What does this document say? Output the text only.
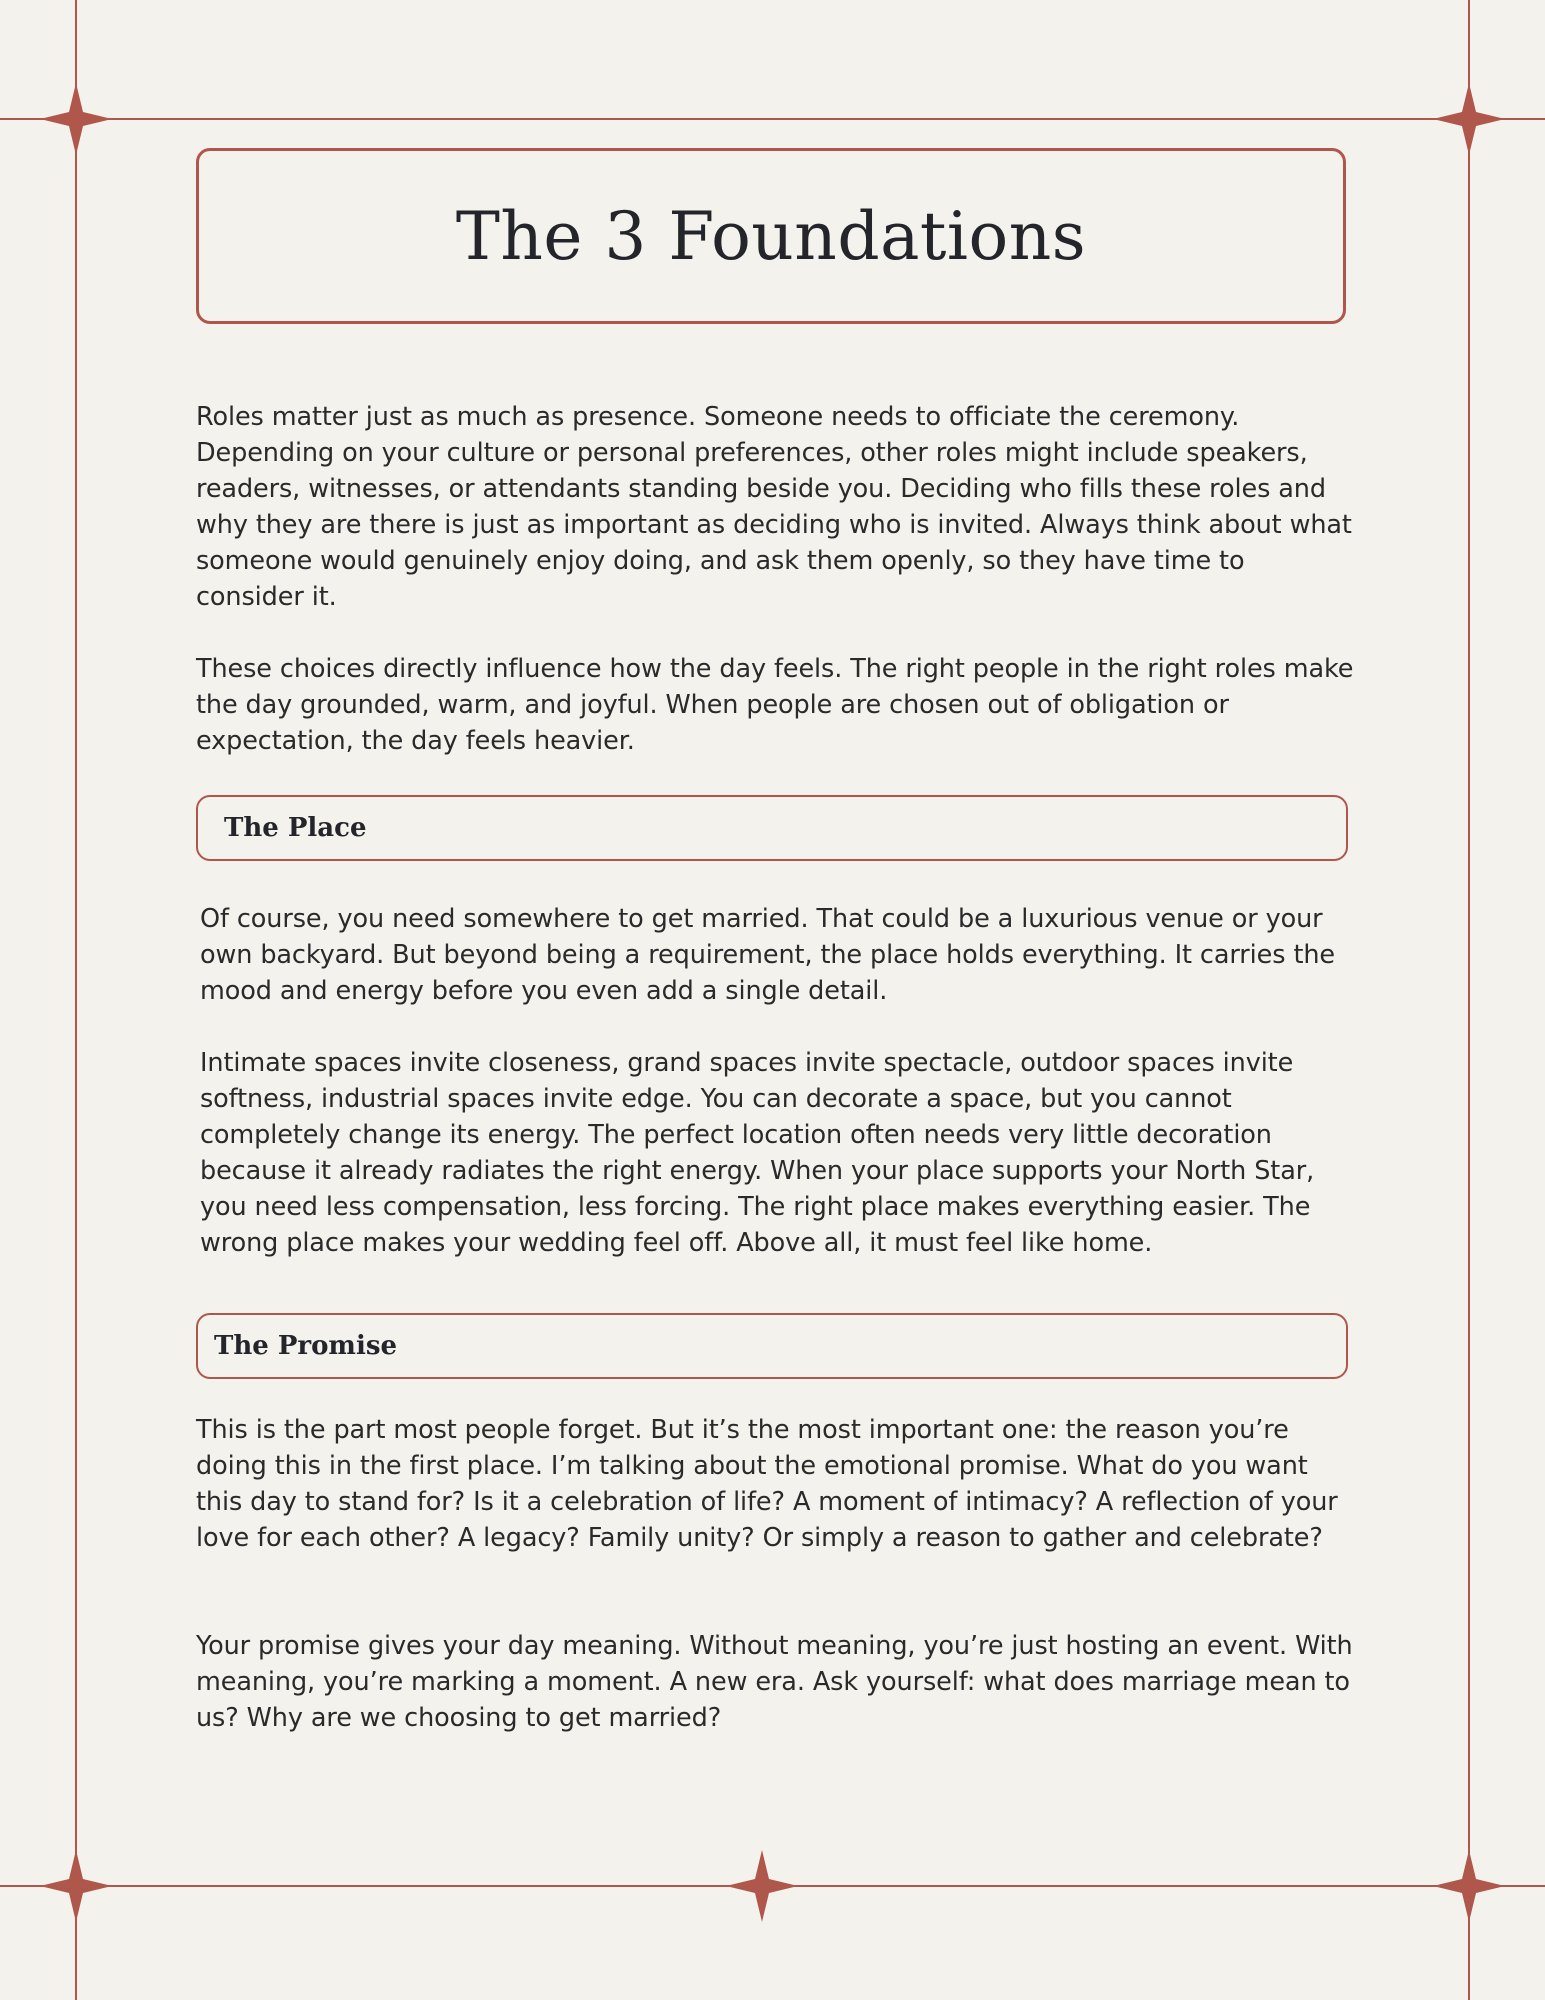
The 3 Foundations

Roles matter just as much as presence. Someone needs to officiate the ceremony. Depending on your culture or personal preferences, other roles might include speakers, readers, witnesses, or attendants standing beside you. Deciding who fills these roles and why they are there is just as important as deciding who is invited. Always think about what someone would genuinely enjoy doing, and ask them openly, so they have time to consider it.

These choices directly influence how the day feels. The right people in the right roles make the day grounded, warm, and joyful. When people are chosen out of obligation or expectation, the day feels heavier.

The Place

Of course, you need somewhere to get married. That could be a luxurious venue or your own backyard. But beyond being a requirement, the place holds everything. It carries the mood and energy before you even add a single detail.

Intimate spaces invite closeness, grand spaces invite spectacle, outdoor spaces invite softness, industrial spaces invite edge. You can decorate a space, but you cannot completely change its energy. The perfect location often needs very little decoration because it already radiates the right energy. When your place supports your North Star, you need less compensation, less forcing. The right place makes everything easier. The wrong place makes your wedding feel off. Above all, it must feel like home.

The Promise

This is the part most people forget. But it’s the most important one: the reason you’re doing this in the first place. I’m talking about the emotional promise. What do you want this day to stand for? Is it a celebration of life? A moment of intimacy? A reflection of your love for each other? A legacy? Family unity? Or simply a reason to gather and celebrate?

Your promise gives your day meaning. Without meaning, you’re just hosting an event. With meaning, you’re marking a moment. A new era. Ask yourself: what does marriage mean to us? Why are we choosing to get married?
